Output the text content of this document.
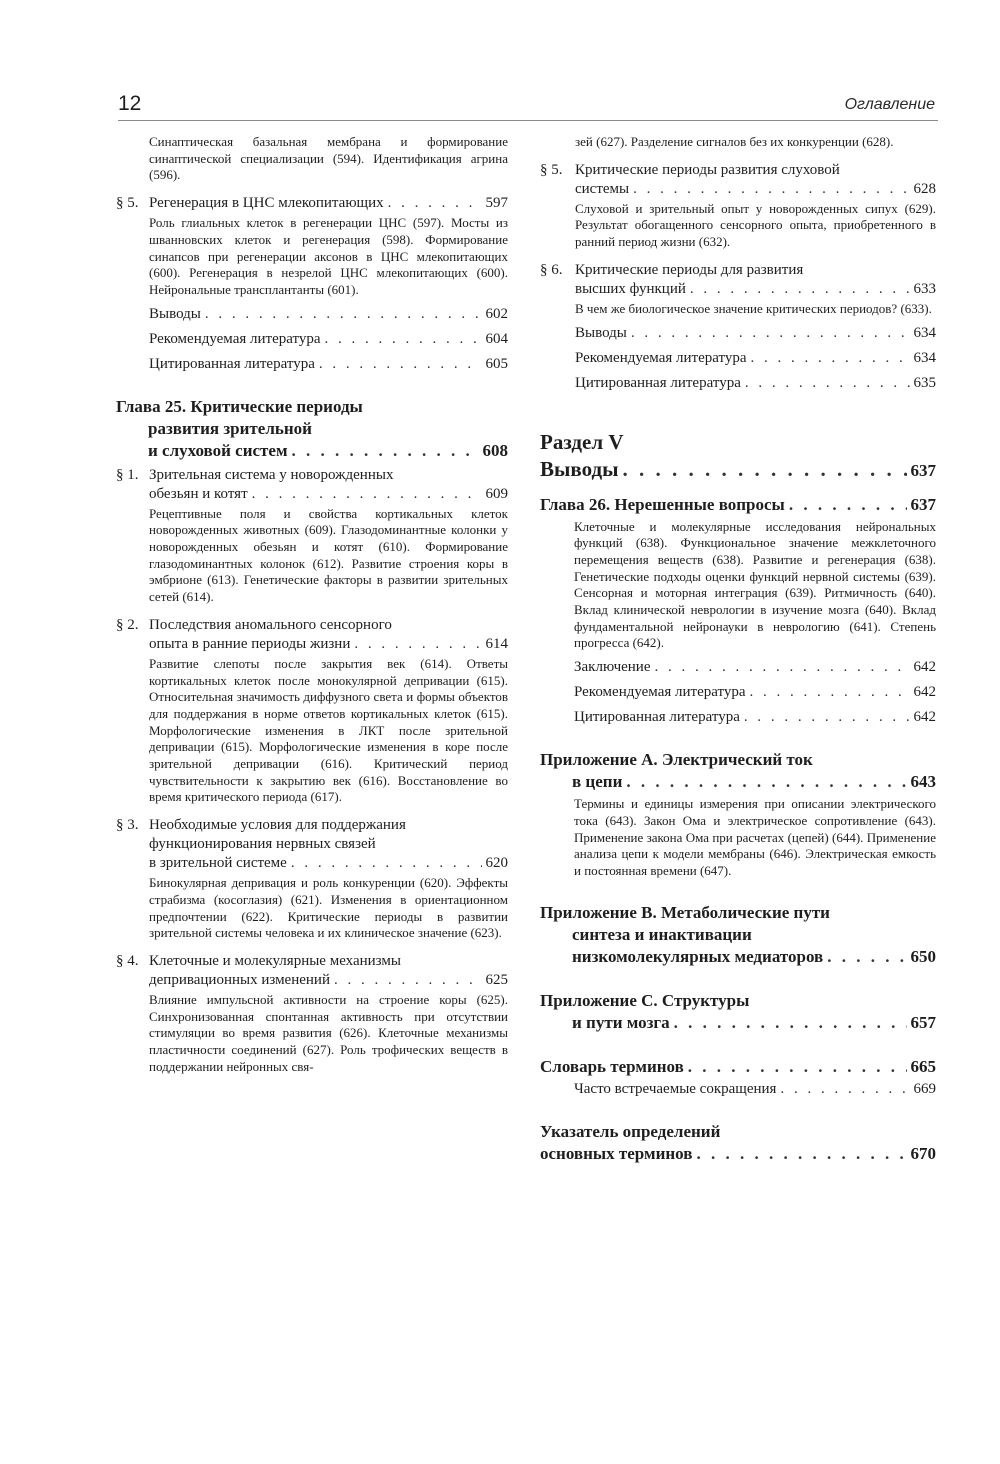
12	Оглавление

Синаптическая базальная мембрана и формирование синаптической специализации (594). Идентификация агрина (596).

§ 5. Регенерация в ЦНС млекопитающих . . .	597

Роль глиальных клеток в регенерации ЦНС (597). Мосты из шванновских клеток и регенерация (598). Формирование синапсов при регенерации аксонов в ЦНС млекопитающих (600). Регенерация в незрелой ЦНС млекопитающих (600). Нейрональные трансплантанты (601).

Выводы . . .	602
Рекомендуемая литература . . .	604
Цитированная литература . . .	605
Глава 25. Критические периоды
развития зрительной
и слуховой систем . . .	608
§ 1. Зрительная система у новорожденных
обезьян и котят . . .	609

Рецептивные поля и свойства кортикальных клеток новорожденных животных (609). Глазодоминантные колонки у новорожденных обезьян и котят (610). Формирование глазодоминантных колонок (612). Развитие строения коры в эмбрионе (613). Генетические факторы в развитии зрительных сетей (614).

§ 2. Последствия аномального сенсорного
опыта в ранние периоды жизни . . .	614

Развитие слепоты после закрытия век (614). Ответы кортикальных клеток после монокулярной депривации (615). Относительная значимость диффузного света и формы объектов для поддержания в норме ответов кортикальных клеток (615). Морфологические изменения в ЛКТ после зрительной депривации (615). Морфологические изменения в коре после зрительной депривации (616). Критический период чувствительности к закрытию век (616). Восстановление во время критического периода (617).

§ 3. Необходимые условия для поддержания
функционирования нервных связей
в зрительной системе . . .	620

Бинокулярная депривация и роль конкуренции (620). Эффекты страбизма (косоглазия) (621). Изменения в ориентационном предпочтении (622). Критические периоды в развитии зрительной системы человека и их клиническое значение (623).

§ 4. Клеточные и молекулярные механизмы
депривационных изменений . . .	625

Влияние импульсной активности на строение коры (625). Синхронизованная спонтанная активность при отсутствии стимуляции во время развития (626). Клеточные механизмы пластичности соединений (627). Роль трофических веществ в поддержании нейронных свя-

зей (627). Разделение сигналов без их конкуренции (628).

§ 5. Критические периоды развития слуховой
системы . . .	628

Слуховой и зрительный опыт у новорожденных сипух (629). Результат обогащенного сенсорного опыта, приобретенного в ранний период жизни (632).

§ 6. Критические периоды для развития
высших функций . . .	633

В чем же биологическое значение критических периодов? (633).

Выводы . . .	634
Рекомендуемая литература . . .	634
Цитированная литература . . .	635
Раздел V
Выводы . . .	637
Глава 26. Нерешенные вопросы . . .	637

Клеточные и молекулярные исследования нейрональных функций (638). Функциональное значение межклеточного перемещения веществ (638). Развитие и регенерация (638). Генетические подходы оценки функций нервной системы (639). Сенсорная и моторная интеграция (639). Ритмичность (640). Вклад клинической неврологии в изучение мозга (640). Вклад фундаментальной нейронауки в неврологию (641). Степень прогресса (642).

Заключение . . .	642
Рекомендуемая литература . . .	642
Цитированная литература . . .	642
Приложение А. Электрический ток
в цепи . . .	643

Термины и единицы измерения при описании электрического тока (643). Закон Ома и электрическое сопротивление (643). Применение закона Ома при расчетах (цепей) (644). Применение анализа цепи к модели мембраны (646). Электрическая емкость и постоянная времени (647).

Приложение В. Метаболические пути
синтеза и инактивации
низкомолекулярных медиаторов . . .	650
Приложение С. Структуры
и пути мозга . . .	657
Словарь терминов . . .	665
Часто встречаемые сокращения . . .	669
Указатель определений
основных терминов . . .	670
